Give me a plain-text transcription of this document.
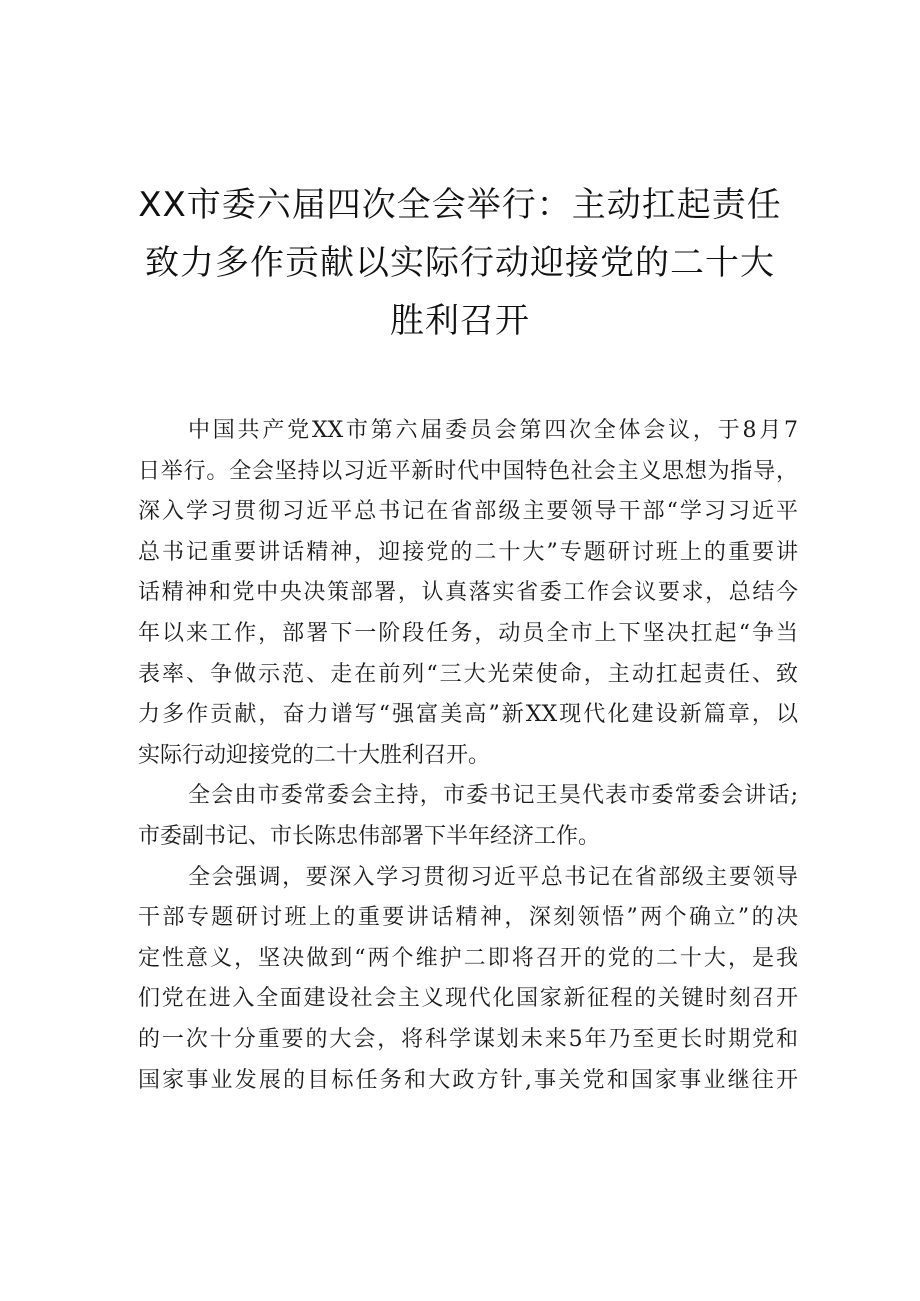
XX市委六届四次全会举行：主动扛起责任
致力多作贡献以实际行动迎接党的二十大
胜利召开
中国共产党XX市第六届委员会第四次全体会议，于8月7
日举行。全会坚持以习近平新时代中国特色社会主义思想为指导，
深入学习贯彻习近平总书记在省部级主要领导干部“学习习近平
总书记重要讲话精神，迎接党的二十大”专题研讨班上的重要讲
话精神和党中央决策部署，认真落实省委工作会议要求，总结今
年以来工作，部署下一阶段任务，动员全市上下坚决扛起“争当
表率、争做示范、走在前列“三大光荣使命，主动扛起责任、致
力多作贡献，奋力谱写“强富美高”新XX现代化建设新篇章，以
实际行动迎接党的二十大胜利召开。
全会由市委常委会主持，市委书记王昊代表市委常委会讲话;
市委副书记、市长陈忠伟部署下半年经济工作。
全会强调，要深入学习贯彻习近平总书记在省部级主要领导
干部专题研讨班上的重要讲话精神，深刻领悟”两个确立”的决
定性意义，坚决做到“两个维护二即将召开的党的二十大，是我
们党在进入全面建设社会主义现代化国家新征程的关键时刻召开
的一次十分重要的大会，将科学谋划未来5年乃至更长时期党和
国家事业发展的目标任务和大政方针,事关党和国家事业继往开
